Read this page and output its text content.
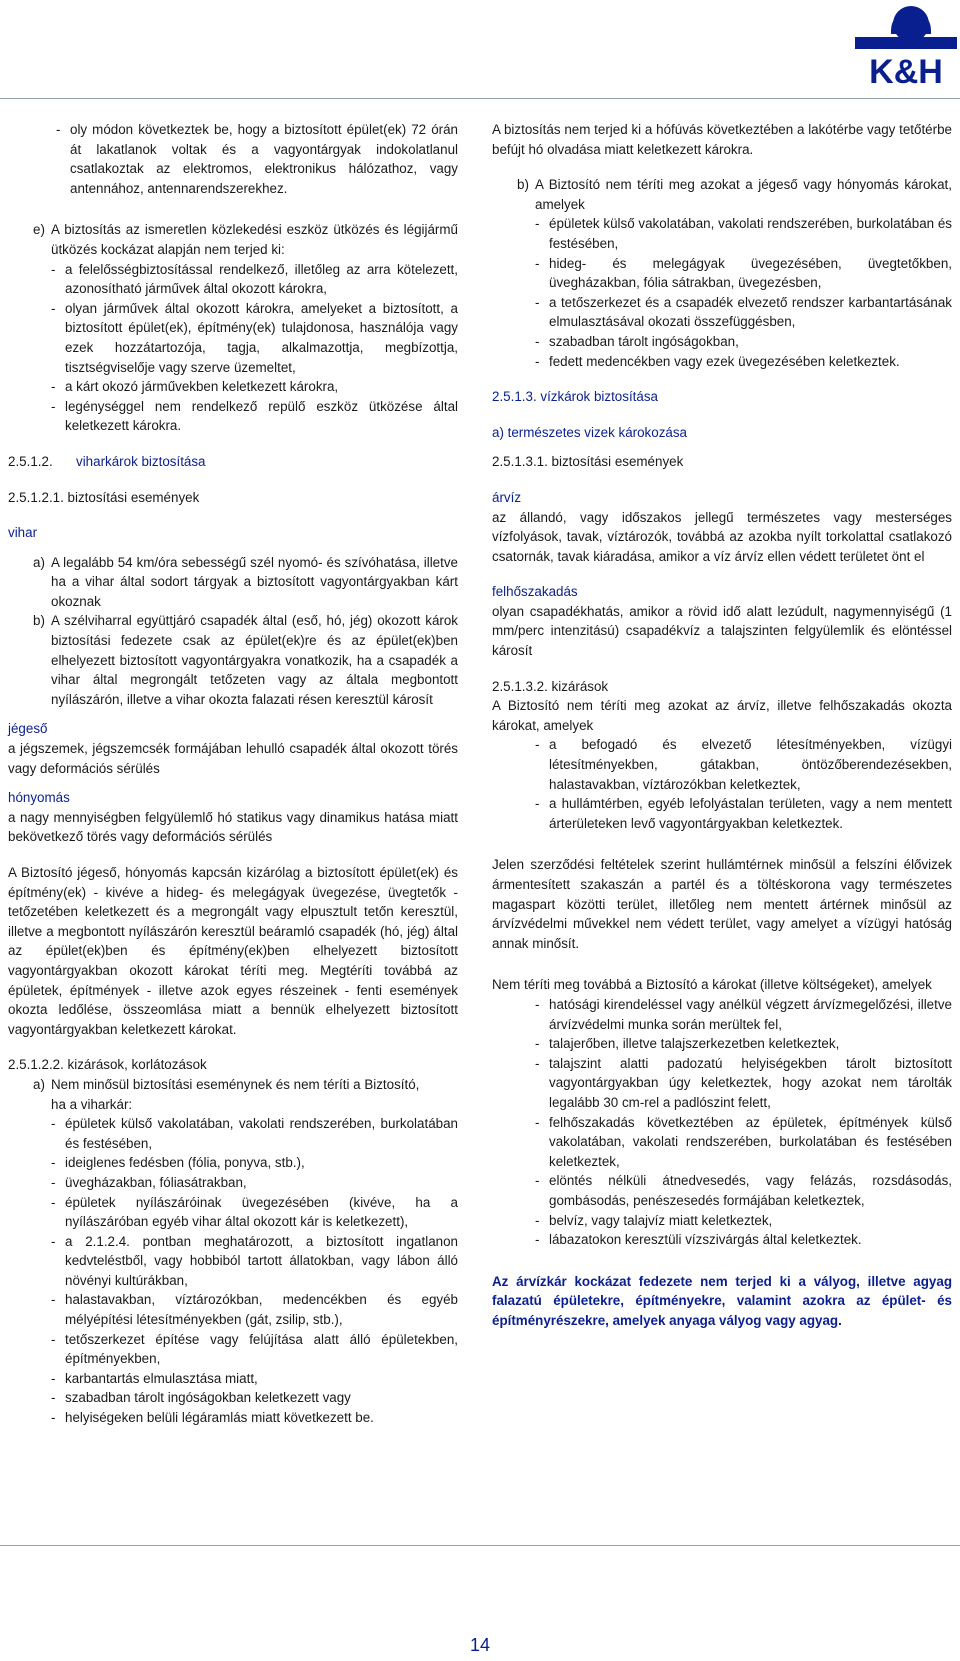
K&H
- oly módon következtek be, hogy a biztosított épület(ek) 72 órán át lakatlanok voltak és a vagyontárgyak indokolatlanul csatlakoztak az elektromos, elektronikus hálózathoz, vagy antennához, antennarendszerekhez.
e) A biztosítás az ismeretlen közlekedési eszköz ütközés és légijármű ütközés kockázat alapján nem terjed ki:
- a felelősségbiztosítással rendelkező, illetőleg az arra kötelezett, azonosítható járművek által okozott károkra,
- olyan járművek által okozott károkra, amelyeket a biztosított, a biztosított épület(ek), építmény(ek) tulajdonosa, használója vagy ezek hozzátartozója, tagja, alkalmazottja, megbízottja, tisztségviselője vagy szerve üzemeltet,
- a kárt okozó járművekben keletkezett károkra,
- legénységgel nem rendelkező repülő eszköz ütközése által keletkezett károkra.

2.5.1.2. viharkárok biztosítása

2.5.1.2.1. biztosítási események

vihar

a) A legalább 54 km/óra sebességű szél nyomó- és szívóhatása, illetve ha a vihar által sodort tárgyak a biztosított vagyontárgyakban kárt okoznak
b) A szélviharral együttjáró csapadék által (eső, hó, jég) okozott károk biztosítási fedezete csak az épület(ek)re és az épület(ek)ben elhelyezett biztosított vagyontárgyakra vonatkozik, ha a csapadék a vihar által megrongált tetőzeten vagy az általa megbontott nyílászárón, illetve a vihar okozta falazati résen keresztül károsít

jégeső

a jégszemek, jégszemcsék formájában lehulló csapadék által okozott törés vagy deformációs sérülés

hónyomás

a nagy mennyiségben felgyülemlő hó statikus vagy dinamikus hatása miatt bekövetkező törés vagy deformációs sérülés

A Biztosító jégeső, hónyomás kapcsán kizárólag a biztosított épület(ek) és építmény(ek) - kivéve a hideg- és melegágyak üvegezése, üvegtetők - tetőzetében keletkezett és a megrongált vagy elpusztult tetőn keresztül, illetve a megbontott nyílászárón keresztül beáramló csapadék (hó, jég) által az épület(ek)ben és építmény(ek)ben elhelyezett biztosított vagyontárgyakban okozott károkat téríti meg. Megtéríti továbbá az épületek, építmények - illetve azok egyes részeinek - fenti események okozta ledőlése, összeomlása miatt a bennük elhelyezett biztosított vagyontárgyakban keletkezett károkat.

2.5.1.2.2. kizárások, korlátozások

a) Nem minősül biztosítási eseménynek és nem téríti a Biztosító,
ha a viharkár:
- épületek külső vakolatában, vakolati rendszerében, burkolatában és festésében,
- ideiglenes fedésben (fólia, ponyva, stb.),
- üvegházakban, fóliasátrakban,
- épületek nyílászáróinak üvegezésében (kivéve, ha a nyílászáróban egyéb vihar által okozott kár is keletkezett),
- a 2.1.2.4. pontban meghatározott, a biztosított ingatlanon kedvteléstből, vagy hobbiból tartott állatokban, vagy lábon álló növényi kultúrákban,
- halastavakban, víztározókban, medencékben és egyéb mélyépítési létesítményekben (gát, zsilip, stb.),
- tetőszerkezet építése vagy felújítása alatt álló épületekben, építményekben,
- karbantartás elmulasztása miatt,
- szabadban tárolt ingóságokban keletkezett vagy
- helyiségeken belüli légáramlás miatt következett be.

A biztosítás nem terjed ki a hófúvás következtében a lakótérbe vagy tetőtérbe befújt hó olvadása miatt keletkezett károkra.

b) A Biztosító nem téríti meg azokat a jégeső vagy hónyomás károkat, amelyek
- épületek külső vakolatában, vakolati rendszerében, burkolatában és festésében,
- hideg- és melegágyak üvegezésében, üvegtetőkben, üvegházakban, fólia sátrakban, üvegezésben,
- a tetőszerkezet és a csapadék elvezető rendszer karbantartásának elmulasztásával okozati összefüggésben,
- szabadban tárolt ingóságokban,
- fedett medencékben vagy ezek üvegezésében keletkeztek.

2.5.1.3. vízkárok biztosítása

a) természetes vizek károkozása

2.5.1.3.1. biztosítási események

árvíz

az állandó, vagy időszakos jellegű természetes vagy mesterséges vízfolyások, tavak, víztározók, továbbá az azokba nyílt torkolattal csatlakozó csatornák, tavak kiáradása, amikor a víz árvíz ellen védett területet önt el

felhőszakadás

olyan csapadékhatás, amikor a rövid idő alatt lezúdult, nagymennyiségű (1 mm/perc intenzitású) csapadékvíz a talajszinten felgyülemlik és elöntéssel károsít

2.5.1.3.2. kizárások

A Biztosító nem téríti meg azokat az árvíz, illetve felhőszakadás okozta károkat, amelyek

- a befogadó és elvezető létesítményekben, vízügyi létesítményekben, gátakban, öntözőberendezésekben, halastavakban, víztározókban keletkeztek,
- a hullámtérben, egyéb lefolyástalan területen, vagy a nem mentett árterületeken levő vagyontárgyakban keletkeztek.

Jelen szerződési feltételek szerint hullámtérnek minősül a felszíni élővizek ármentesített szakaszán a partél és a töltéskorona vagy természetes magaspart közötti terület, illetőleg nem mentett ártérnek minősül az árvízvédelmi művekkel nem védett terület, vagy amelyet a vízügyi hatóság annak minősít.

Nem téríti meg továbbá a Biztosító a károkat (illetve költségeket), amelyek

- hatósági kirendeléssel vagy anélkül végzett árvízmegelőzési, illetve árvízvédelmi munka során merültek fel,
- talajerőben, illetve talajszerkezetben keletkeztek,
- talajszint alatti padozatú helyiségekben tárolt biztosított vagyontárgyakban úgy keletkeztek, hogy azokat nem tárolták legalább 30 cm-rel a padlószint felett,
- felhőszakadás következtében az épületek, építmények külső vakolatában, vakolati rendszerében, burkolatában és festésében keletkeztek,
- elöntés nélküli átnedvesedés, vagy felázás, rozsdásodás, gombásodás, penészesedés formájában keletkeztek,
- belvíz, vagy talajvíz miatt keletkeztek,
- lábazatokon keresztüli vízszivárgás által keletkeztek.

Az árvízkár kockázat fedezete nem terjed ki a vályog, illetve agyag falazatú épületekre, építményekre, valamint azokra az épület- és építményrészekre, amelyek anyaga vályog vagy agyag.

14
